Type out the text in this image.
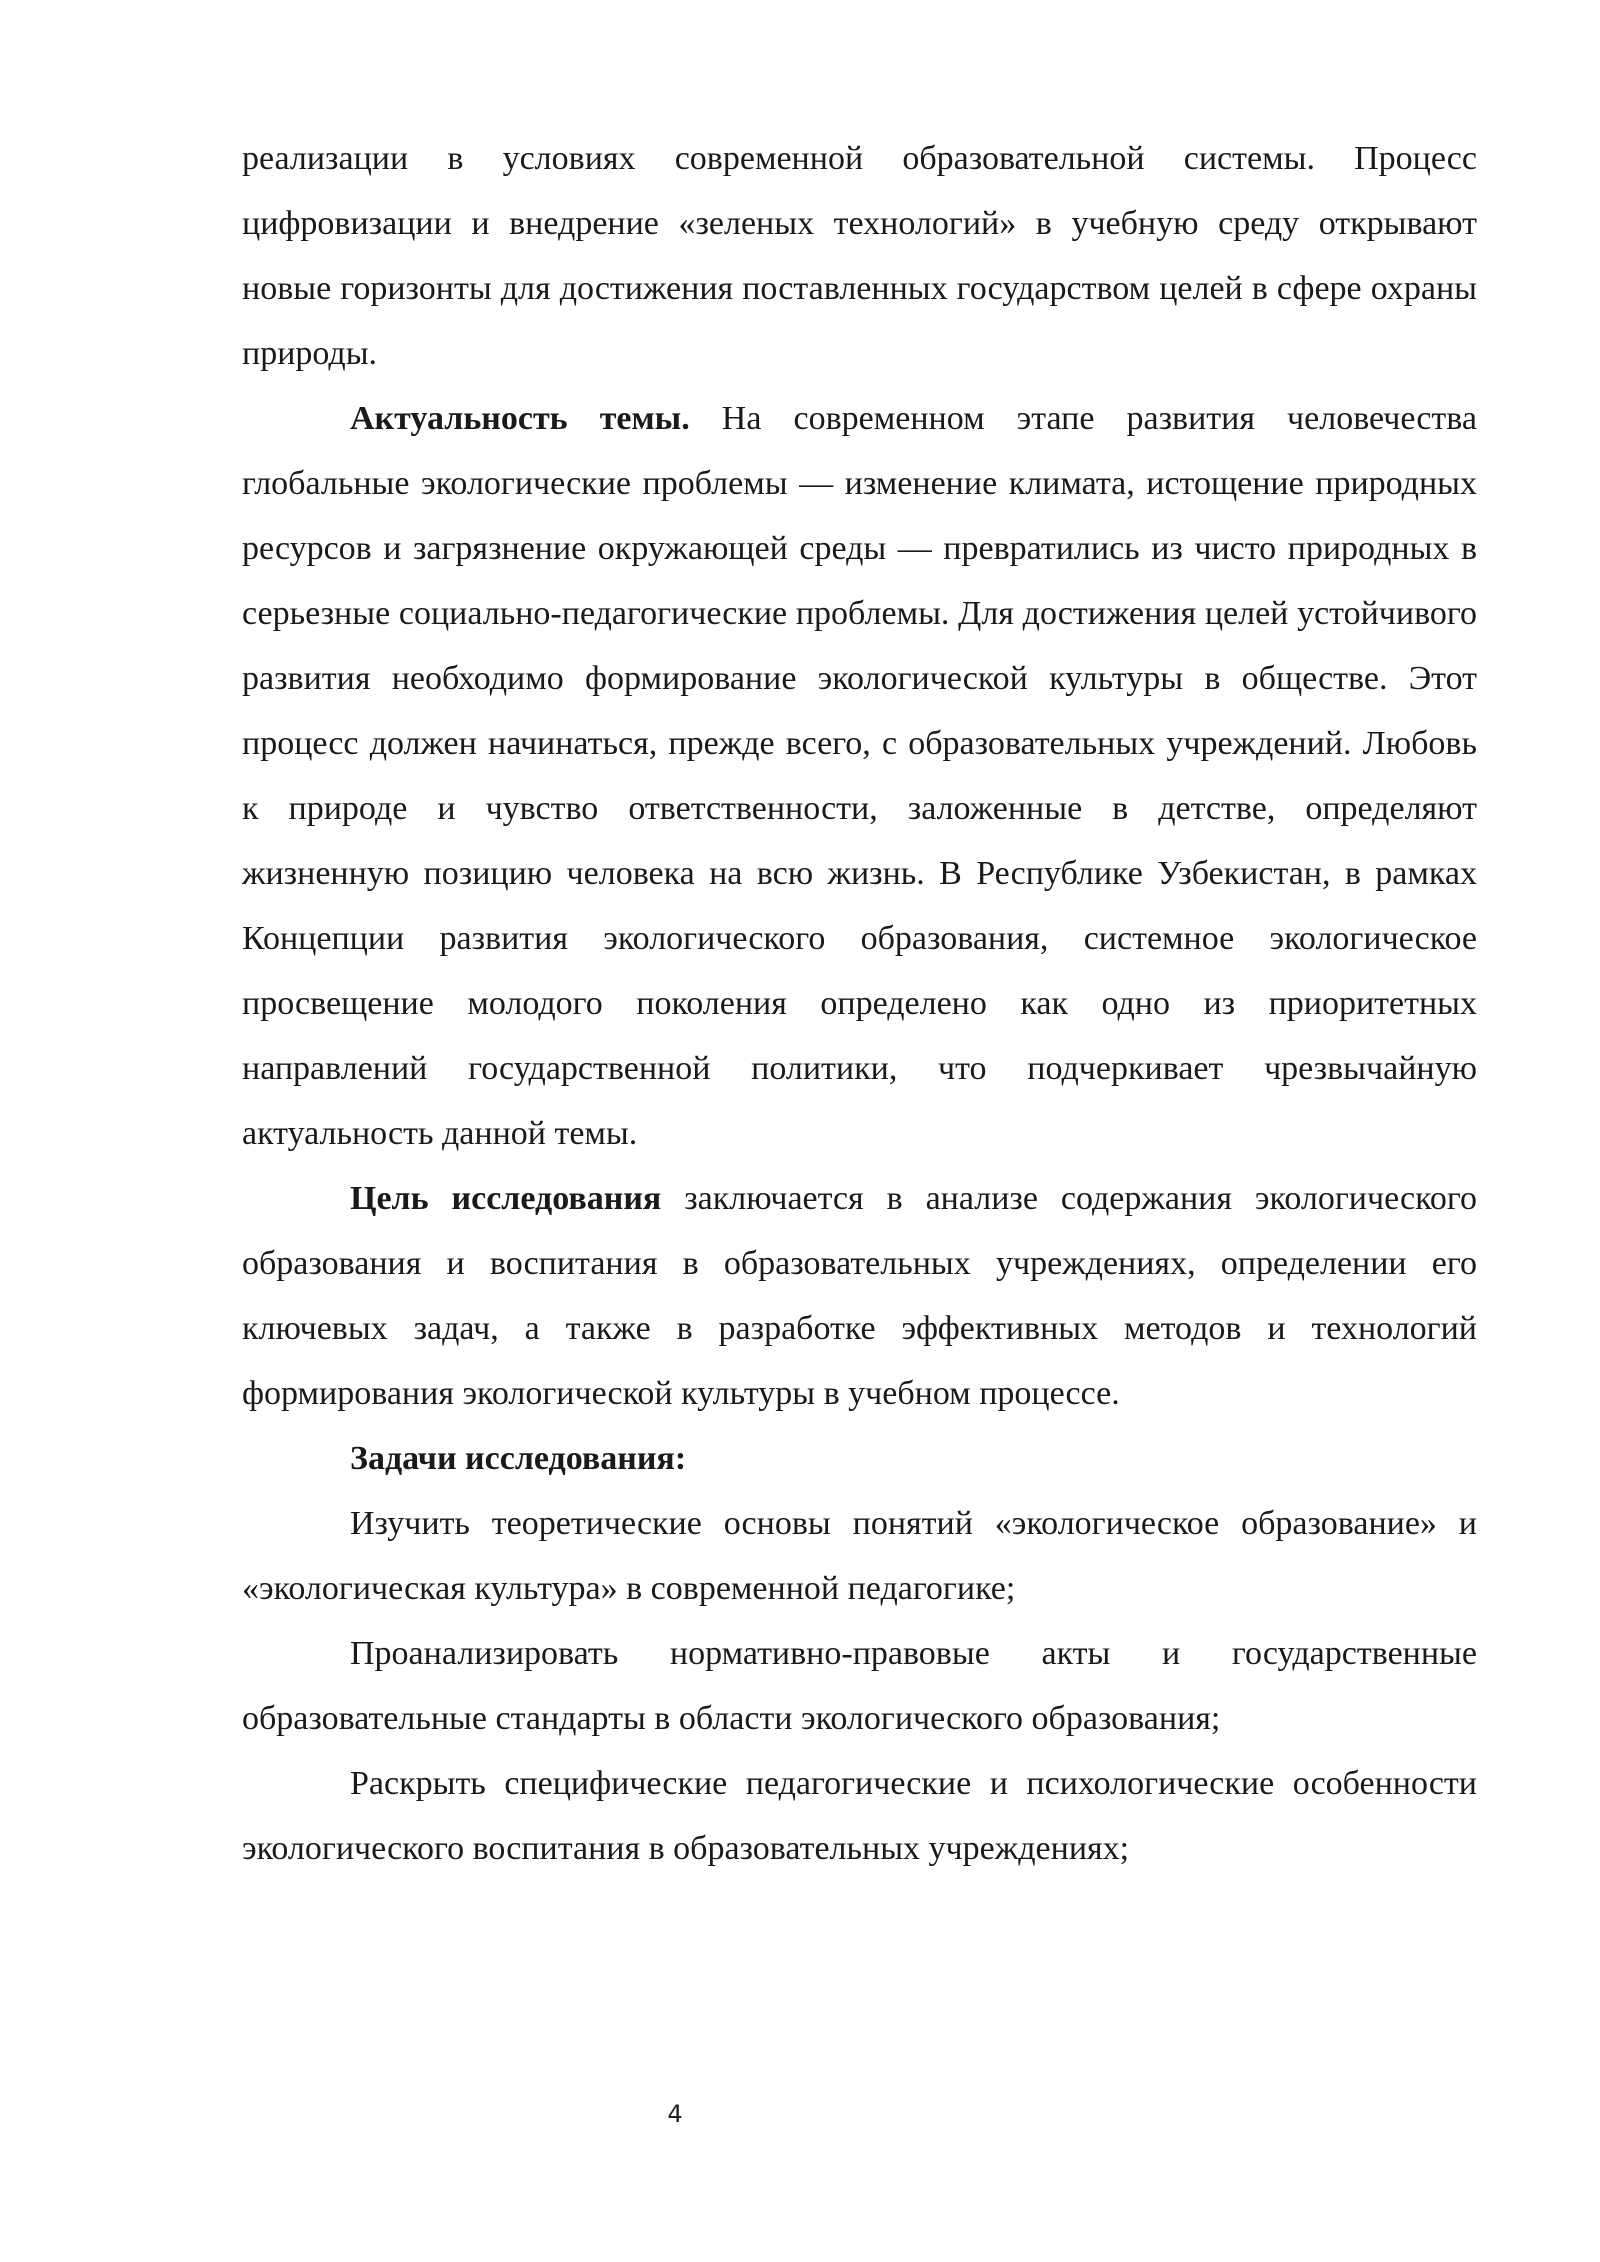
реализации в условиях современной образовательной системы. Процесс цифровизации и внедрение «зеленых технологий» в учебную среду открывают новые горизонты для достижения поставленных государством целей в сфере охраны природы.

Актуальность темы. На современном этапе развития человечества глобальные экологические проблемы — изменение климата, истощение природных ресурсов и загрязнение окружающей среды — превратились из чисто природных в серьезные социально-педагогические проблемы. Для достижения целей устойчивого развития необходимо формирование экологической культуры в обществе. Этот процесс должен начинаться, прежде всего, с образовательных учреждений. Любовь к природе и чувство ответственности, заложенные в детстве, определяют жизненную позицию человека на всю жизнь. В Республике Узбекистан, в рамках Концепции развития экологического образования, системное экологическое просвещение молодого поколения определено как одно из приоритетных направлений государственной политики, что подчеркивает чрезвычайную актуальность данной темы.

Цель исследования заключается в анализе содержания экологического образования и воспитания в образовательных учреждениях, определении его ключевых задач, а также в разработке эффективных методов и технологий формирования экологической культуры в учебном процессе.

Задачи исследования:

Изучить теоретические основы понятий «экологическое образование» и «экологическая культура» в современной педагогике;

Проанализировать нормативно-правовые акты и государственные образовательные стандарты в области экологического образования;

Раскрыть специфические педагогические и психологические особенности экологического воспитания в образовательных учреждениях;

4
